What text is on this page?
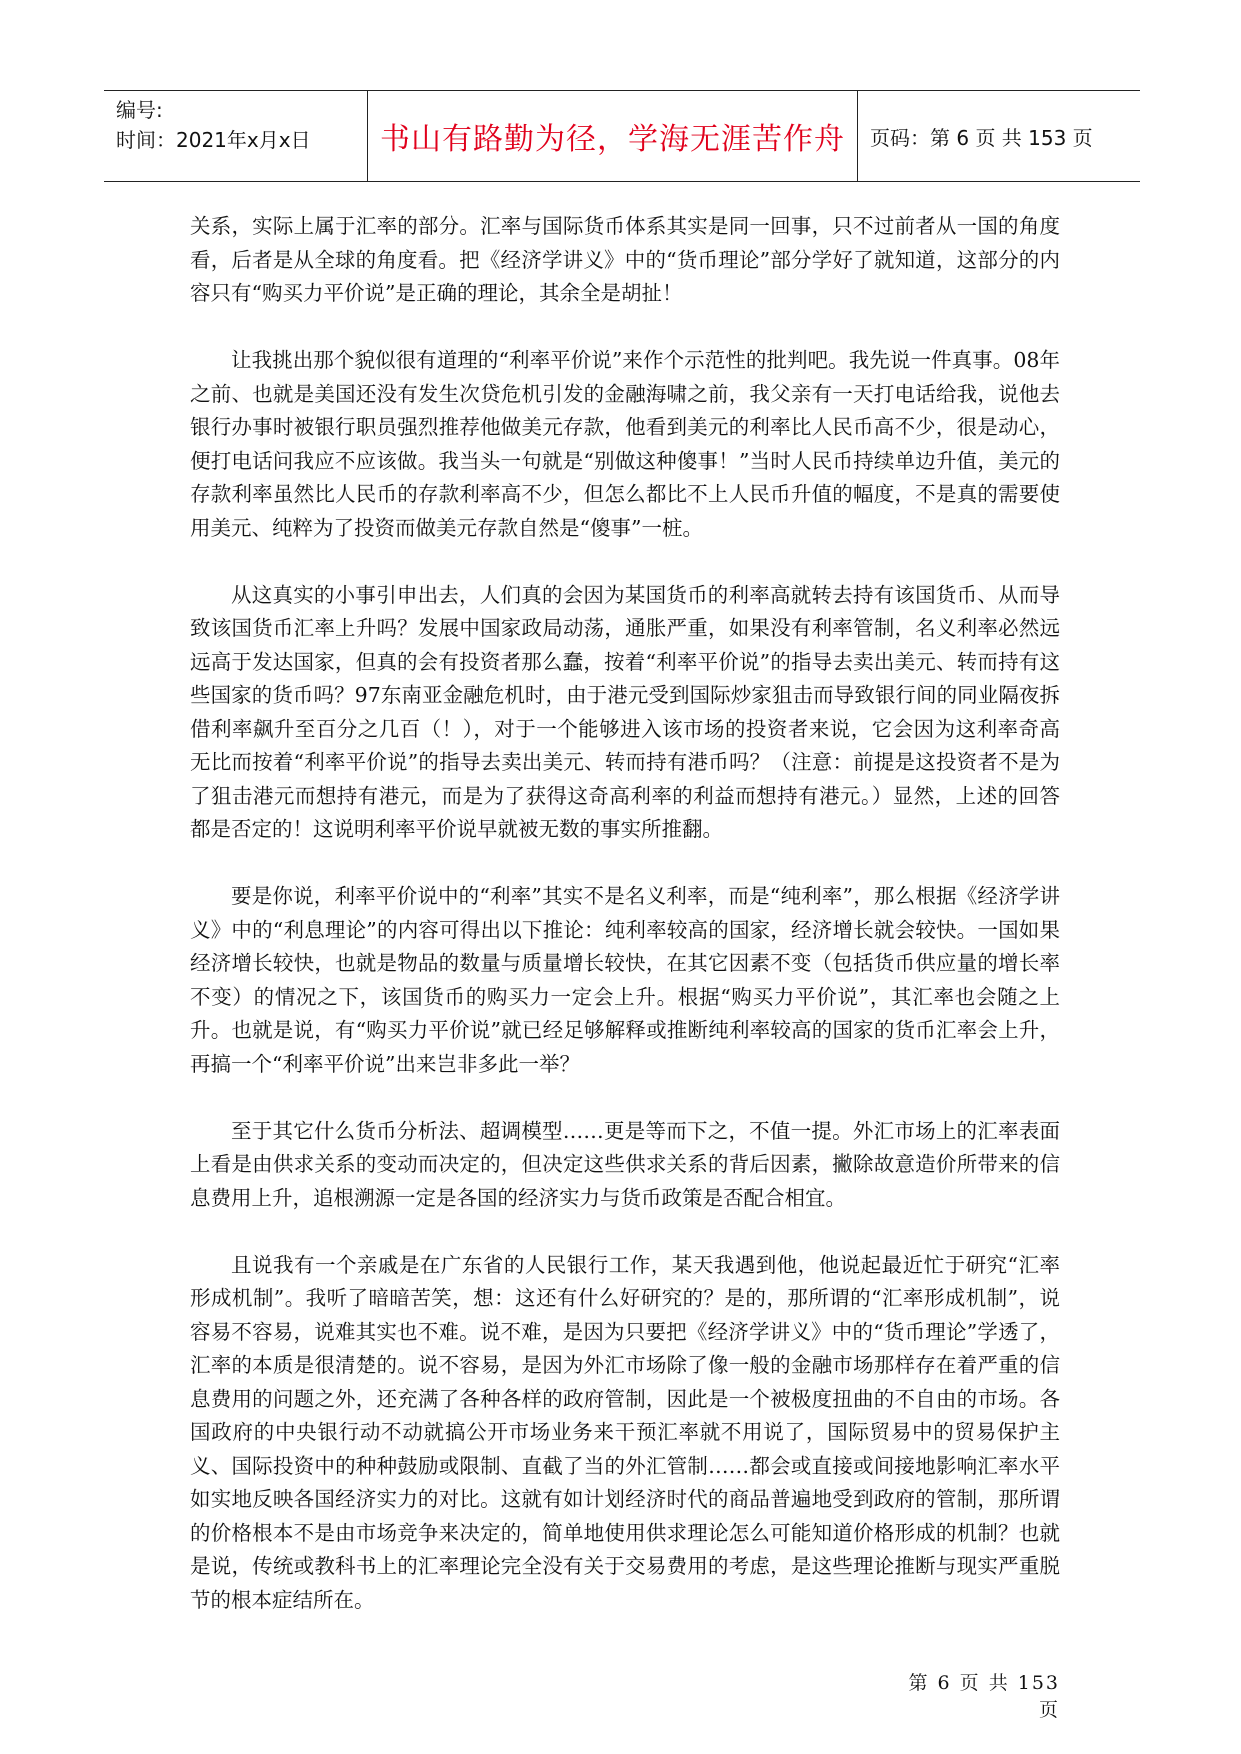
编号:
时间：2021年x月x日	书山有路勤为径，学海无涯苦作舟	页码：第 6 页 共 153 页

关系，实际上属于汇率的部分。汇率与国际货币体系其实是同一回事，只不过前者从一国的角度看，后者是从全球的角度看。把《经济学讲义》中的“货币理论”部分学好了就知道，这部分的内容只有“购买力平价说”是正确的理论，其余全是胡扯！

让我挑出那个貌似很有道理的“利率平价说”来作个示范性的批判吧。我先说一件真事。08年之前、也就是美国还没有发生次贷危机引发的金融海啸之前，我父亲有一天打电话给我，说他去银行办事时被银行职员强烈推荐他做美元存款，他看到美元的利率比人民币高不少，很是动心，便打电话问我应不应该做。我当头一句就是“别做这种傻事！”当时人民币持续单边升值，美元的存款利率虽然比人民币的存款利率高不少，但怎么都比不上人民币升值的幅度，不是真的需要使用美元、纯粹为了投资而做美元存款自然是“傻事”一桩。

从这真实的小事引申出去，人们真的会因为某国货币的利率高就转去持有该国货币、从而导致该国货币汇率上升吗？发展中国家政局动荡，通胀严重，如果没有利率管制，名义利率必然远远高于发达国家，但真的会有投资者那么蠢，按着“利率平价说”的指导去卖出美元、转而持有这些国家的货币吗？97东南亚金融危机时，由于港元受到国际炒家狙击而导致银行间的同业隔夜拆借利率飙升至百分之几百（！），对于一个能够进入该市场的投资者来说，它会因为这利率奇高无比而按着“利率平价说”的指导去卖出美元、转而持有港币吗？（注意：前提是这投资者不是为了狙击港元而想持有港元，而是为了获得这奇高利率的利益而想持有港元。）显然，上述的回答都是否定的！这说明利率平价说早就被无数的事实所推翻。

要是你说，利率平价说中的“利率”其实不是名义利率，而是“纯利率”，那么根据《经济学讲义》中的“利息理论”的内容可得出以下推论：纯利率较高的国家，经济增长就会较快。一国如果经济增长较快，也就是物品的数量与质量增长较快，在其它因素不变（包括货币供应量的增长率不变）的情况之下，该国货币的购买力一定会上升。根据“购买力平价说”，其汇率也会随之上升。也就是说，有“购买力平价说”就已经足够解释或推断纯利率较高的国家的货币汇率会上升，再搞一个“利率平价说”出来岂非多此一举？

至于其它什么货币分析法、超调模型……更是等而下之，不值一提。外汇市场上的汇率表面上看是由供求关系的变动而决定的，但决定这些供求关系的背后因素，撇除故意造价所带来的信息费用上升，追根溯源一定是各国的经济实力与货币政策是否配合相宜。

且说我有一个亲戚是在广东省的人民银行工作，某天我遇到他，他说起最近忙于研究“汇率形成机制”。我听了暗暗苦笑，想：这还有什么好研究的？是的，那所谓的“汇率形成机制”，说容易不容易，说难其实也不难。说不难，是因为只要把《经济学讲义》中的“货币理论”学透了，汇率的本质是很清楚的。说不容易，是因为外汇市场除了像一般的金融市场那样存在着严重的信息费用的问题之外，还充满了各种各样的政府管制，因此是一个被极度扭曲的不自由的市场。各国政府的中央银行动不动就搞公开市场业务来干预汇率就不用说了，国际贸易中的贸易保护主义、国际投资中的种种鼓励或限制、直截了当的外汇管制……都会或直接或间接地影响汇率水平如实地反映各国经济实力的对比。这就有如计划经济时代的商品普遍地受到政府的管制，那所谓的价格根本不是由市场竞争来决定的，简单地使用供求理论怎么可能知道价格形成的机制？也就是说，传统或教科书上的汇率理论完全没有关于交易费用的考虑，是这些理论推断与现实严重脱节的根本症结所在。

第 6 页 共 153 页
